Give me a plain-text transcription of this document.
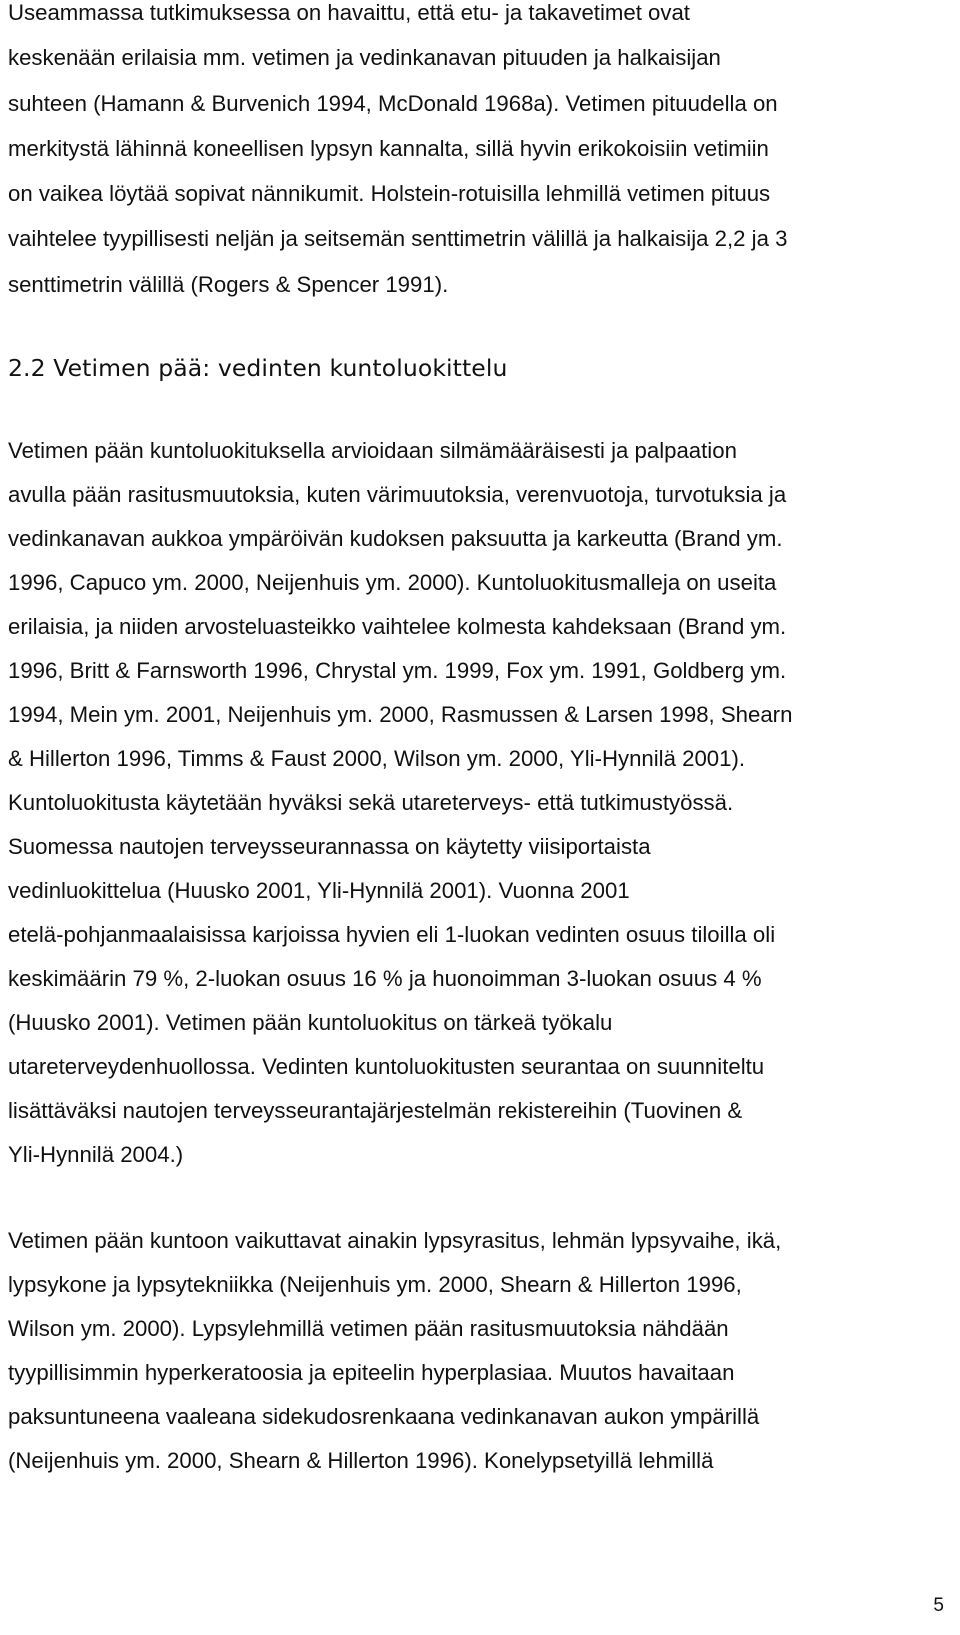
Useammassa tutkimuksessa on havaittu, että etu- ja takavetimet ovat
keskenään erilaisia mm. vetimen ja vedinkanavan pituuden ja halkaisijan
suhteen (Hamann & Burvenich 1994, McDonald 1968a). Vetimen pituudella on
merkitystä lähinnä koneellisen lypsyn kannalta, sillä hyvin erikokoisiin vetimiin
on vaikea löytää sopivat nännikumit. Holstein-rotuisilla lehmillä vetimen pituus
vaihtelee tyypillisesti neljän ja seitsemän senttimetrin välillä ja halkaisija 2,2 ja 3
senttimetrin välillä (Rogers & Spencer 1991).
2.2 Vetimen pää: vedinten kuntoluokittelu
Vetimen pään kuntoluokituksella arvioidaan silmämääräisesti ja palpaation
avulla pään rasitusmuutoksia, kuten värimuutoksia, verenvuotoja, turvotuksia ja
vedinkanavan aukkoa ympäröivän kudoksen paksuutta ja karkeutta (Brand ym.
1996, Capuco ym. 2000, Neijenhuis ym. 2000). Kuntoluokitusmalleja on useita
erilaisia, ja niiden arvosteluasteikko vaihtelee kolmesta kahdeksaan (Brand ym.
1996, Britt & Farnsworth 1996, Chrystal ym. 1999, Fox ym. 1991, Goldberg ym.
1994, Mein ym. 2001, Neijenhuis ym. 2000, Rasmussen & Larsen 1998, Shearn
& Hillerton 1996, Timms & Faust 2000, Wilson ym. 2000, Yli-Hynnilä 2001).
Kuntoluokitusta käytetään hyväksi sekä utareterveys- että tutkimustyössä.
Suomessa nautojen terveysseurannassa on käytetty viisiportaista
vedinluokittelua (Huusko 2001, Yli-Hynnilä 2001). Vuonna 2001
etelä-pohjanmaalaisissa karjoissa hyvien eli 1-luokan vedinten osuus tiloilla oli
keskimäärin 79 %, 2-luokan osuus 16 % ja huonoimman 3-luokan osuus 4 %
(Huusko 2001). Vetimen pään kuntoluokitus on tärkeä työkalu
utareterveydenhuollossa. Vedinten kuntoluokitusten seurantaa on suunniteltu
lisättäväksi nautojen terveysseurantajärjestelmän rekistereihin (Tuovinen &
Yli-Hynnilä 2004.)
Vetimen pään kuntoon vaikuttavat ainakin lypsyrasitus, lehmän lypsyvaihe, ikä,
lypsykone ja lypsytekniikka (Neijenhuis ym. 2000, Shearn & Hillerton 1996,
Wilson ym. 2000). Lypsylehmillä vetimen pään rasitusmuutoksia nähdään
tyypillisimmin hyperkeratoosia ja epiteelin hyperplasiaa. Muutos havaitaan
paksuntuneena vaaleana sidekudosrenkaana vedinkanavan aukon ympärillä
(Neijenhuis ym. 2000, Shearn & Hillerton 1996). Konelypsetyillä lehmillä
5
